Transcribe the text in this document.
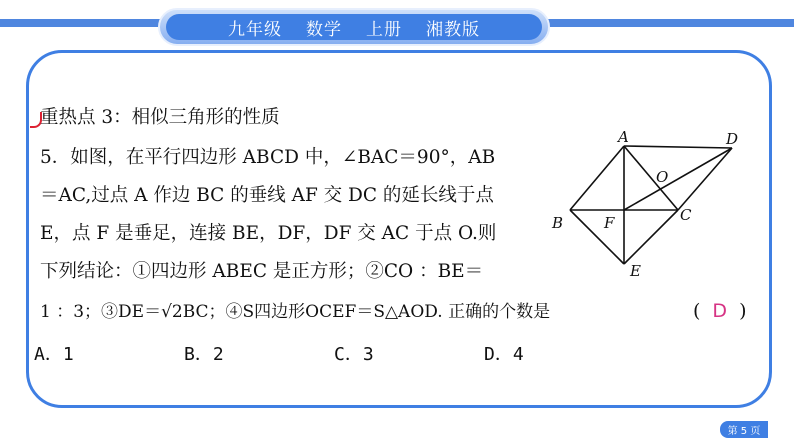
九年级 数学 上册 湘教版
重热点 3：相似三角形的性质
5．如图，在平行四边形 ABCD 中，∠BAC＝90°，AB
＝AC,过点 A 作边 BC 的垂线 AF 交 DC 的延长线于点
E，点 F 是垂足，连接 BE，DF，DF 交 AC 于点 O.则
下列结论：①四边形 ABEC 是正方形；②CO ：BE＝
1 ：3；③DE＝√2BC；④S四边形OCEF＝S△AOD. 正确的个数是	( D )
A．1	B．2	C．3	D．4
A	D
O
B	F	C
E
第 5 页
